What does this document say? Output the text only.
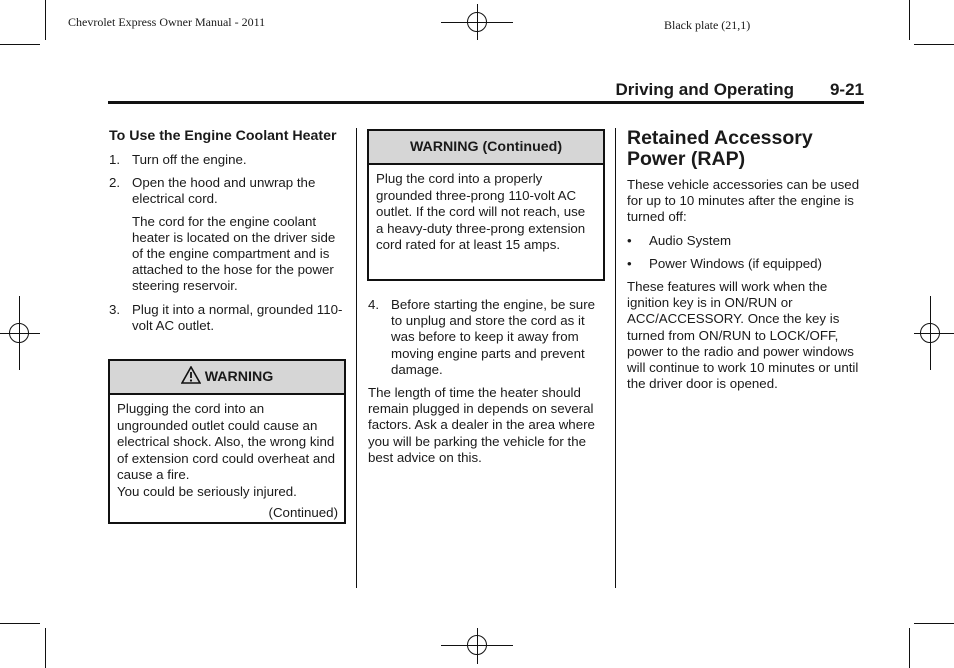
Chevrolet Express Owner Manual - 2011	Black plate (21,1)
Driving and Operating 9-21

To Use the Engine Coolant Heater

1. Turn off the engine.
2. Open the hood and unwrap the electrical cord.

The cord for the engine coolant heater is located on the driver side of the engine compartment and is attached to the hose for the power steering reservoir.

3. Plug it into a normal, grounded 110-volt AC outlet.
WARNING

Plugging the cord into an ungrounded outlet could cause an electrical shock. Also, the wrong kind of extension cord could overheat and cause a fire.

You could be seriously injured.

(Continued)
WARNING (Continued)
Plug the cord into a properly grounded three-prong 110-volt AC outlet. If the cord will not reach, use a heavy-duty three-prong extension cord rated for at least 15 amps.
4. Before starting the engine, be sure to unplug and store the cord as it was before to keep it away from moving engine parts and prevent damage.

The length of time the heater should remain plugged in depends on several factors. Ask a dealer in the area where you will be parking the vehicle for the best advice on this.

Retained Accessory Power (RAP)

These vehicle accessories can be used for up to 10 minutes after the engine is turned off:

• Audio System
• Power Windows (if equipped)

These features will work when the ignition key is in ON/RUN or ACC/ACCESSORY. Once the key is turned from ON/RUN to LOCK/OFF, power to the radio and power windows will continue to work 10 minutes or until the driver door is opened.
